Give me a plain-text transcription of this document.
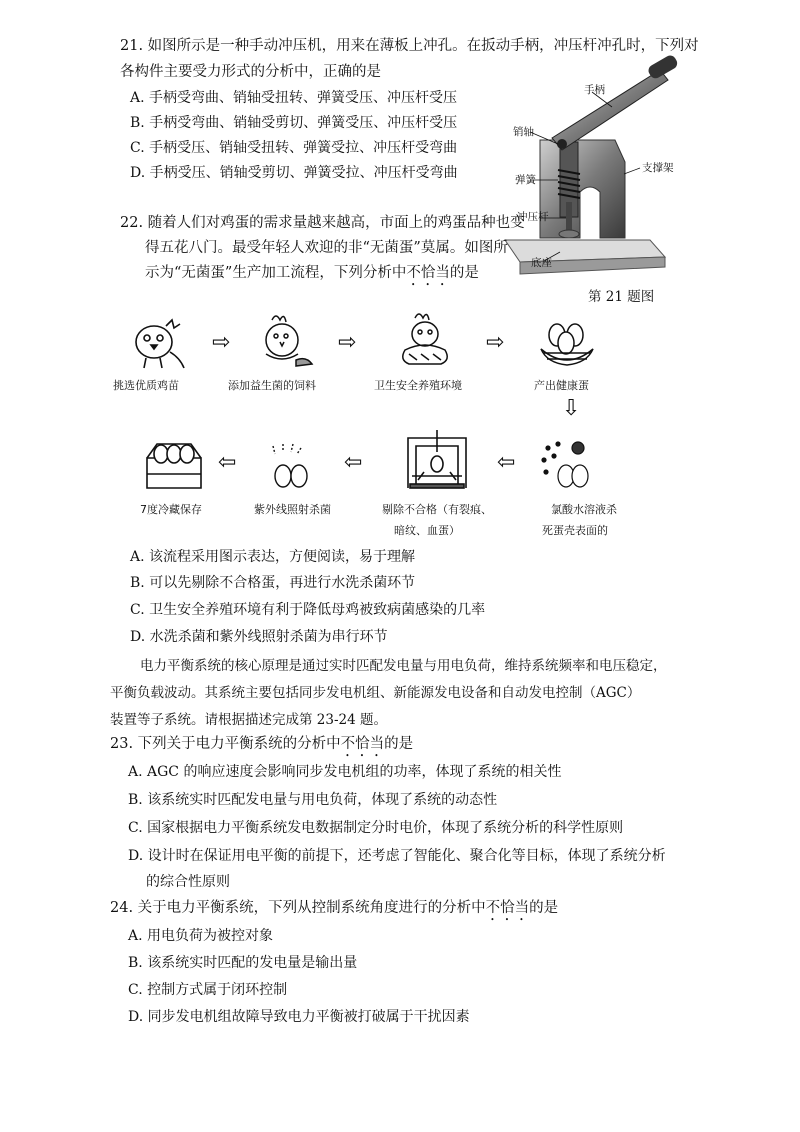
21. 如图所示是一种手动冲压机，用来在薄板上冲孔。在扳动手柄，冲压杆冲孔时，下列对
各构件主要受力形式的分析中，正确的是
A. 手柄受弯曲、销轴受扭转、弹簧受压、冲压杆受压
B. 手柄受弯曲、销轴受剪切、弹簧受压、冲压杆受压
C. 手柄受压、销轴受扭转、弹簧受拉、冲压杆受弯曲
D. 手柄受压、销轴受剪切、弹簧受拉、冲压杆受弯曲
手柄
销轴
弹簧
冲压杆
支撑架
底座
第 21 题图
22. 随着人们对鸡蛋的需求量越来越高，市面上的鸡蛋品种也变
得五花八门。最受年轻人欢迎的非“无菌蛋”莫属。如图所
示为“无菌蛋”生产加工流程，下列分析中不恰当的是
⇨	⇨	⇨
挑选优质鸡苗	添加益生菌的饲料	卫生安全养殖环境	产出健康蛋
⇩
⇦	⇦	⇦
7度冷藏保存	紫外线照射杀菌	剔除不合格（有裂痕、
暗纹、血蛋）
氯酸水溶液杀
死蛋壳表面的
A. 该流程采用图示表达，方便阅读，易于理解
B. 可以先剔除不合格蛋，再进行水洗杀菌环节
C. 卫生安全养殖环境有利于降低母鸡被致病菌感染的几率
D. 水洗杀菌和紫外线照射杀菌为串行环节
电力平衡系统的核心原理是通过实时匹配发电量与用电负荷，维持系统频率和电压稳定，
平衡负载波动。其系统主要包括同步发电机组、新能源发电设备和自动发电控制（AGC）
装置等子系统。请根据描述完成第 23-24 题。
23. 下列关于电力平衡系统的分析中不恰当的是
A. AGC 的响应速度会影响同步发电机组的功率，体现了系统的相关性
B. 该系统实时匹配发电量与用电负荷，体现了系统的动态性
C. 国家根据电力平衡系统发电数据制定分时电价，体现了系统分析的科学性原则
D. 设计时在保证用电平衡的前提下，还考虑了智能化、聚合化等目标，体现了系统分析
的综合性原则
24. 关于电力平衡系统，下列从控制系统角度进行的分析中不恰当的是
A. 用电负荷为被控对象
B. 该系统实时匹配的发电量是输出量
C. 控制方式属于闭环控制
D. 同步发电机组故障导致电力平衡被打破属于干扰因素
